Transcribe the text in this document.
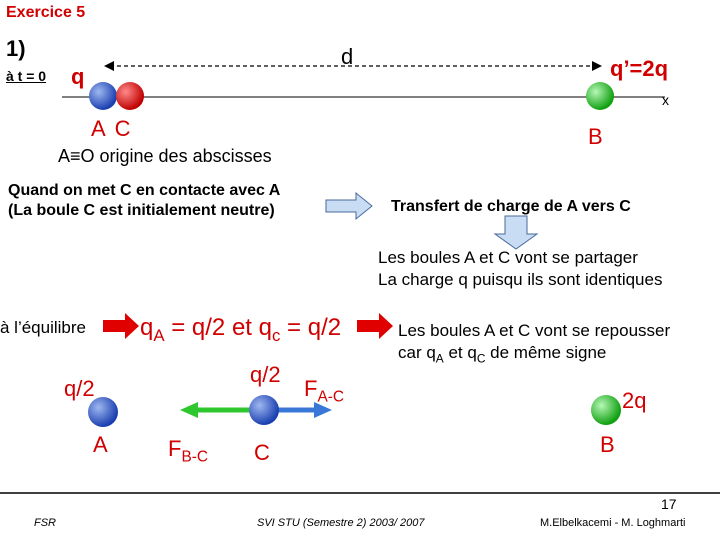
Exercice 5
1)
à t = 0 q
d	q’=2q
x
A C	B
A≡O origine des abscisses
Quand on met C en contacte avec A
(La boule C est initialement neutre)	Transfert de charge de A vers C
Les boules A et C vont se partager
La charge q puisqu ils sont identiques
à l’équilibre $q_A = q/2$ et $q_c = q/2$	Les boules A et C vont se repousser
car $q_A$ et $q_C$ de même signe
q/2
q/2
$F_{A-C}$	2q
A	$F_{B-C}$ C	B
17
FSR	SVI STU (Semestre 2) 2003/ 2007	M.Elbelkacemi - M. Loghmarti
